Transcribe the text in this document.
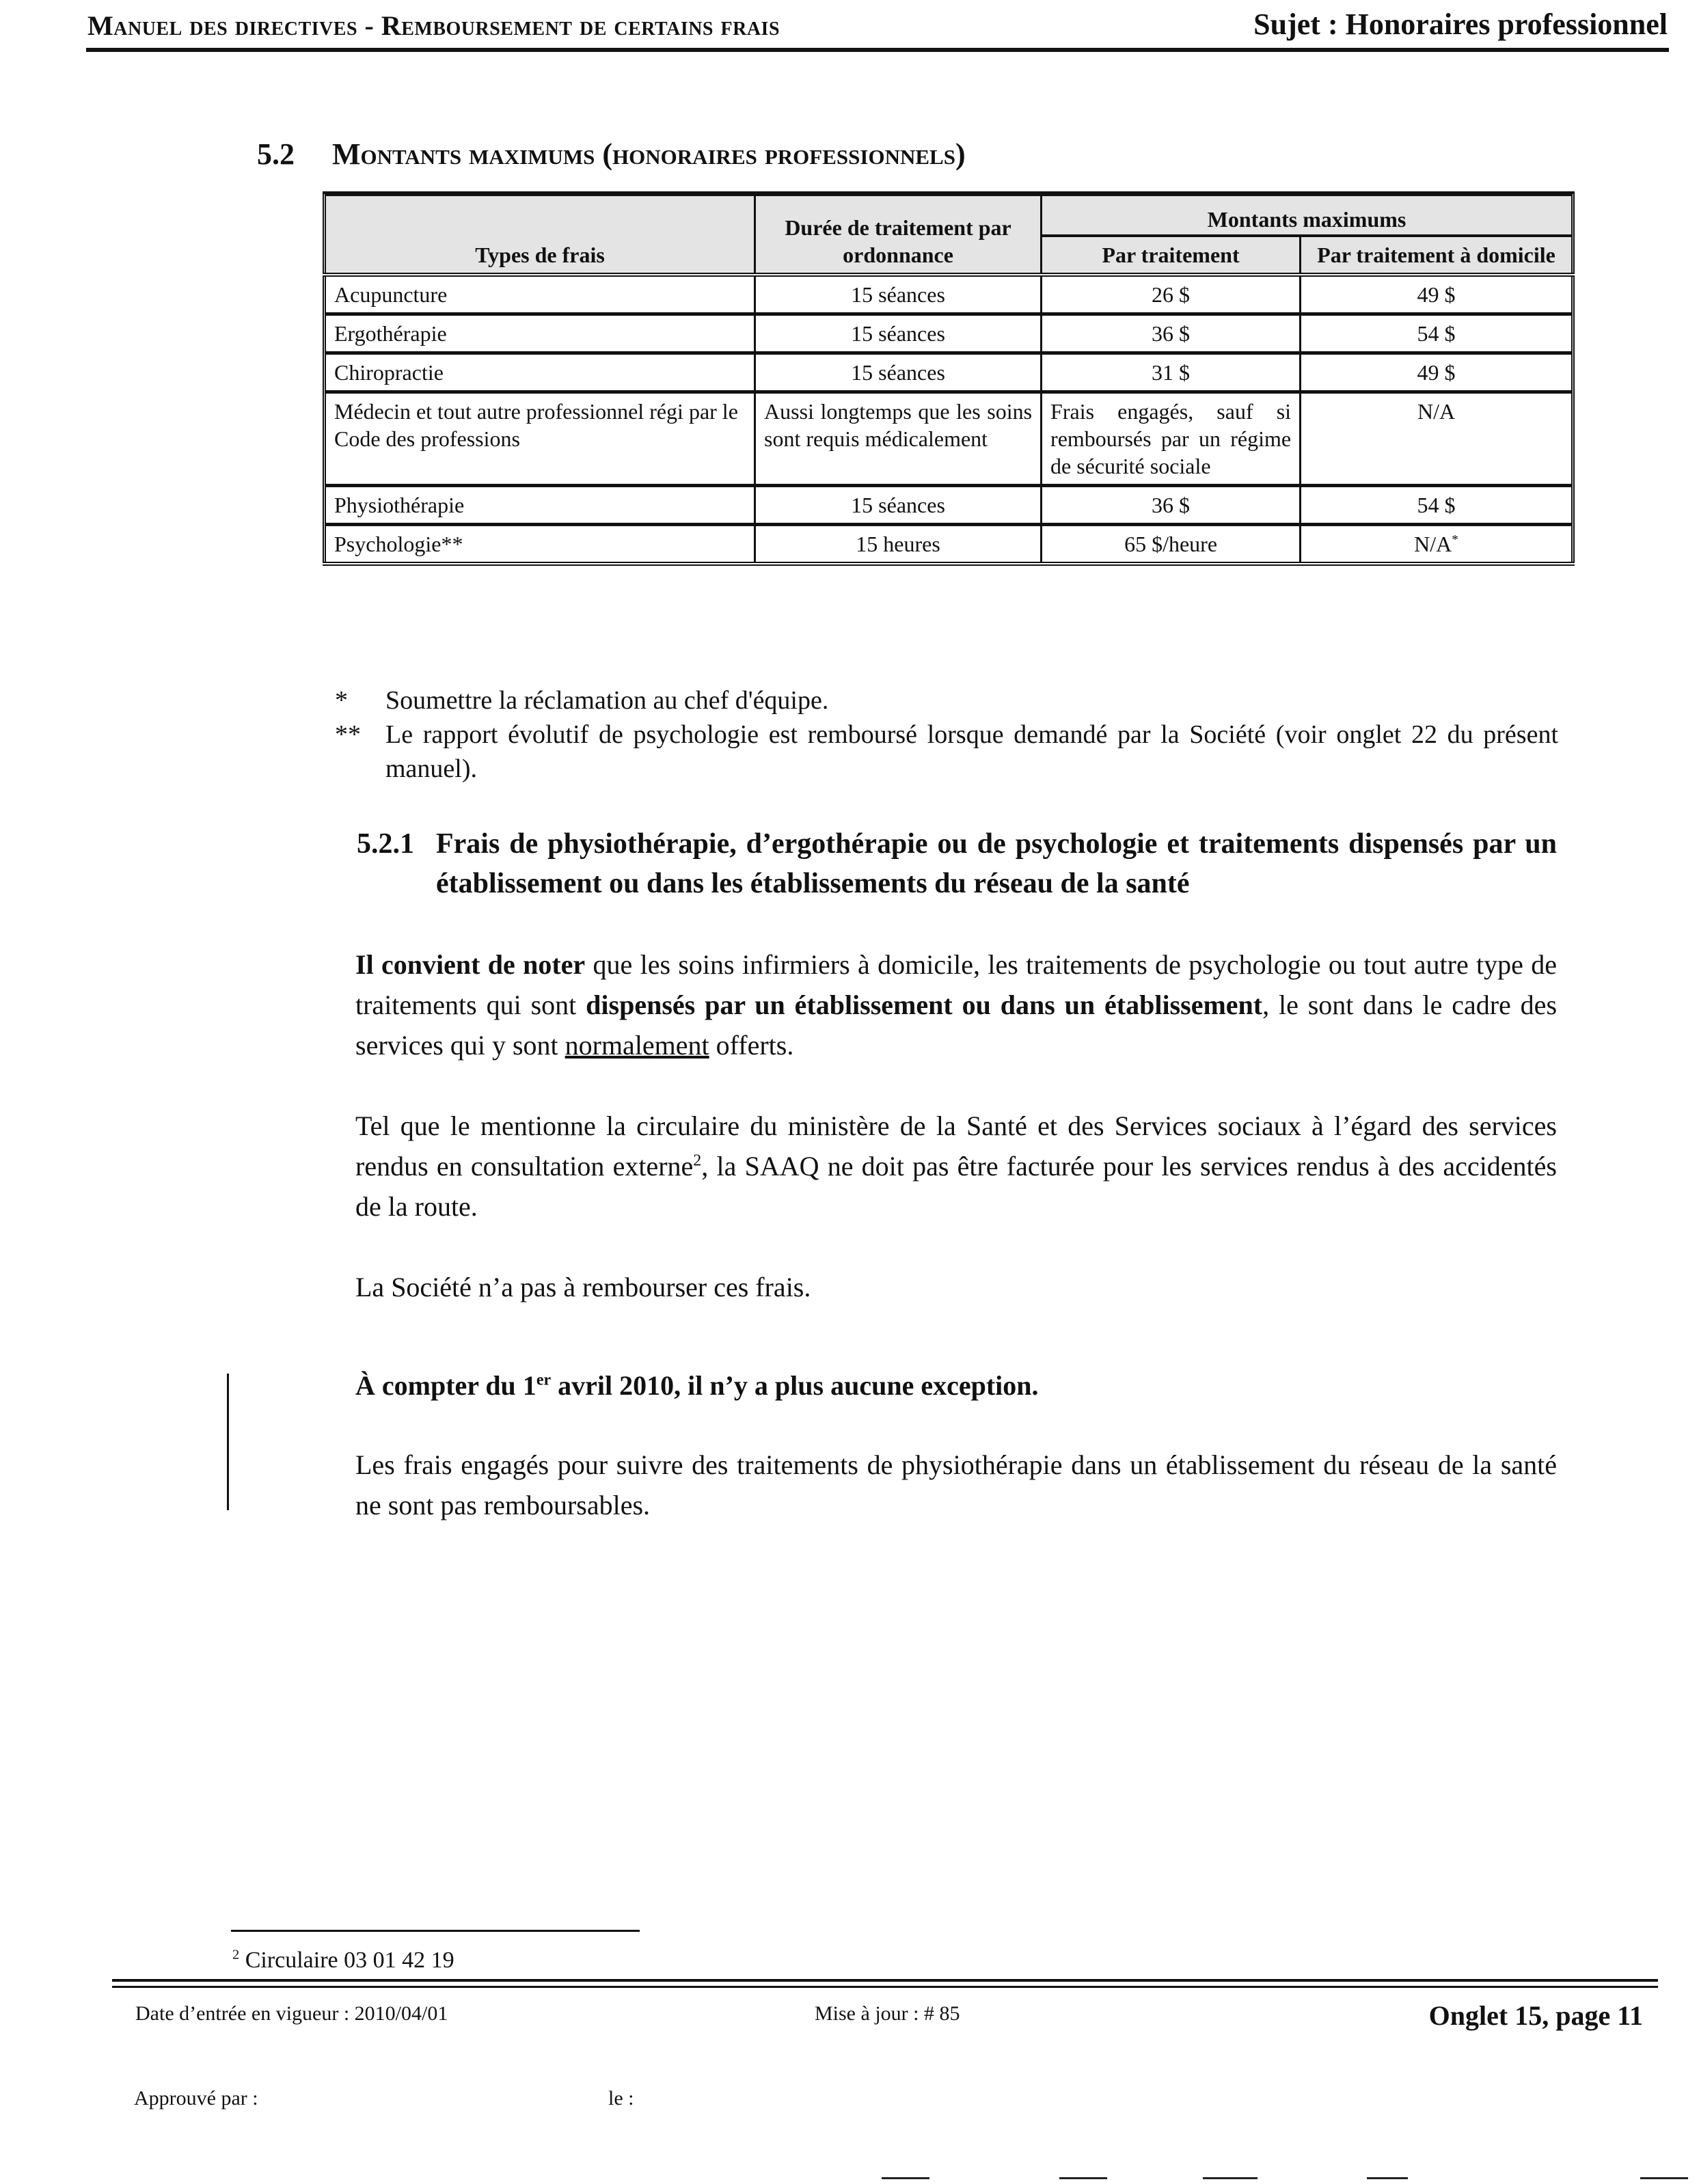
Manuel des directives - Remboursement de certains frais	Sujet : Honoraires professionnel
5.2 Montants maximums (honoraires professionnels)
Types de frais	Durée de traitement par ordonnance	Montants maximums	
		Par traitement	Par traitement à domicile
Acupuncture	15 séances	26 $	49 $
Ergothérapie	15 séances	36 $	54 $
Chiropractie	15 séances	31 $	49 $
Médecin et tout autre professionnel régi par le Code des professions	Aussi longtemps que les soins sont requis médicalement	Frais engagés, sauf si remboursés par un régime de sécurité sociale	N/A
Physiothérapie	15 séances	36 $	54 $
Psychologie**	15 heures	65 $/heure	N/A*
*	Soumettre la réclamation au chef d'équipe.
** Le rapport évolutif de psychologie est remboursé lorsque demandé par la Société (voir onglet 22 du présent manuel).
5.2.1 Frais de physiothérapie, d’ergothérapie ou de psychologie et traitements dispensés par un établissement ou dans les établissements du réseau de la santé
Il convient de noter que les soins infirmiers à domicile, les traitements de psychologie ou tout autre type de traitements qui sont dispensés par un établissement ou dans un établissement, le sont dans le cadre des services qui y sont normalement offerts.
Tel que le mentionne la circulaire du ministère de la Santé et des Services sociaux à l’égard des services rendus en consultation externe$^2$, la SAAQ ne doit pas être facturée pour les services rendus à des accidentés de la route.
La Société n’a pas à rembourser ces frais.
À compter du 1er avril 2010, il n’y a plus aucune exception.
Les frais engagés pour suivre des traitements de physiothérapie dans un établissement du réseau de la santé ne sont pas remboursables.
$^2$ Circulaire 03 01 42 19
Date d’entrée en vigueur : 2010/04/01	Mise à jour : # 85	Onglet 15, page 11
Approuvé par :	le :
